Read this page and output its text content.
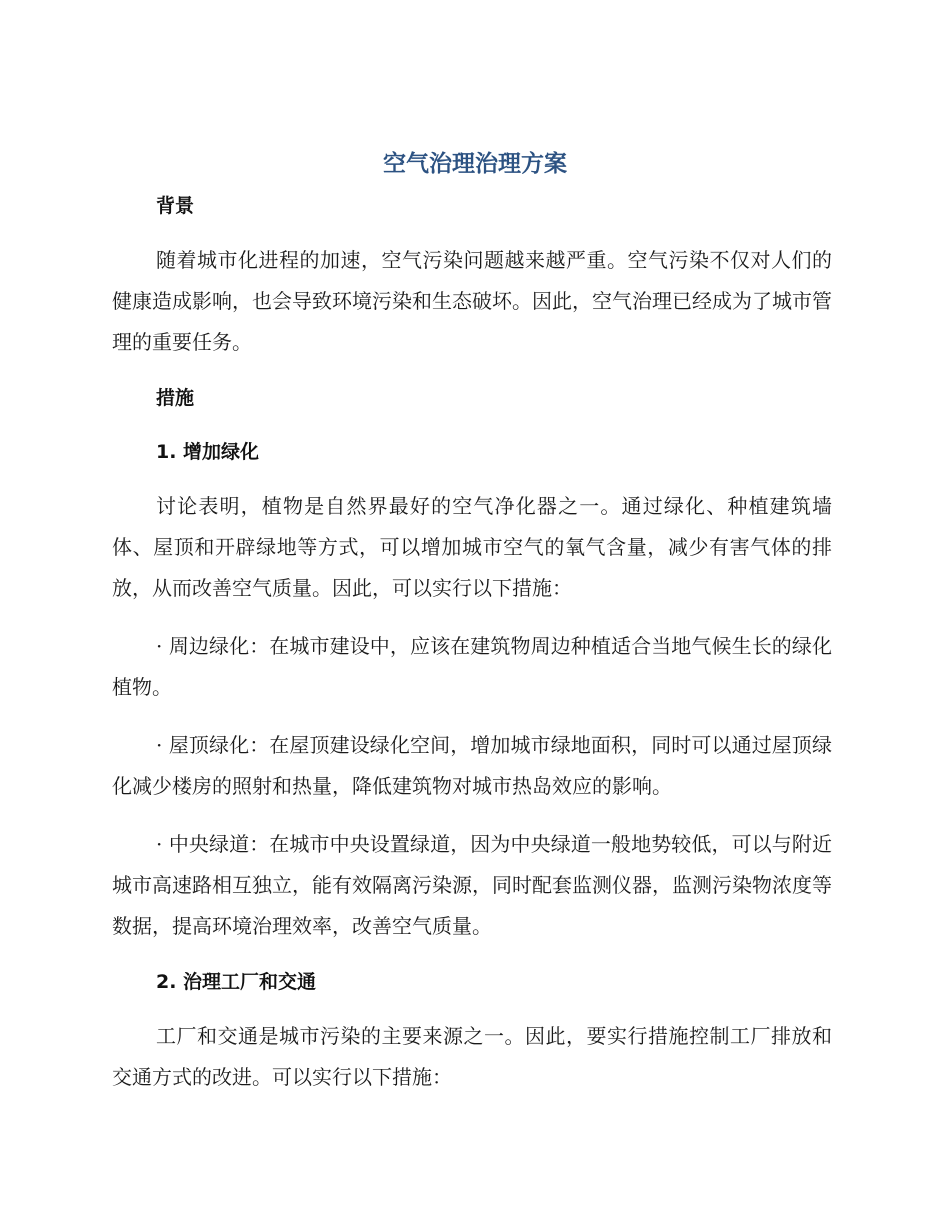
空气治理治理方案
背景

随着城市化进程的加速，空气污染问题越来越严重。空气污染不仅对人们的健康造成影响，也会导致环境污染和生态破坏。因此，空气治理已经成为了城市管理的重要任务。

措施
1. 增加绿化

讨论表明，植物是自然界最好的空气净化器之一。通过绿化、种植建筑墙体、屋顶和开辟绿地等方式，可以增加城市空气的氧气含量，减少有害气体的排放，从而改善空气质量。因此，可以实行以下措施：

· 周边绿化：在城市建设中，应该在建筑物周边种植适合当地气候生长的绿化植物。

· 屋顶绿化：在屋顶建设绿化空间，增加城市绿地面积，同时可以通过屋顶绿化减少楼房的照射和热量，降低建筑物对城市热岛效应的影响。

· 中央绿道：在城市中央设置绿道，因为中央绿道一般地势较低，可以与附近城市高速路相互独立，能有效隔离污染源，同时配套监测仪器，监测污染物浓度等数据，提高环境治理效率，改善空气质量。

2. 治理工厂和交通

工厂和交通是城市污染的主要来源之一。因此，要实行措施控制工厂排放和交通方式的改进。可以实行以下措施：
